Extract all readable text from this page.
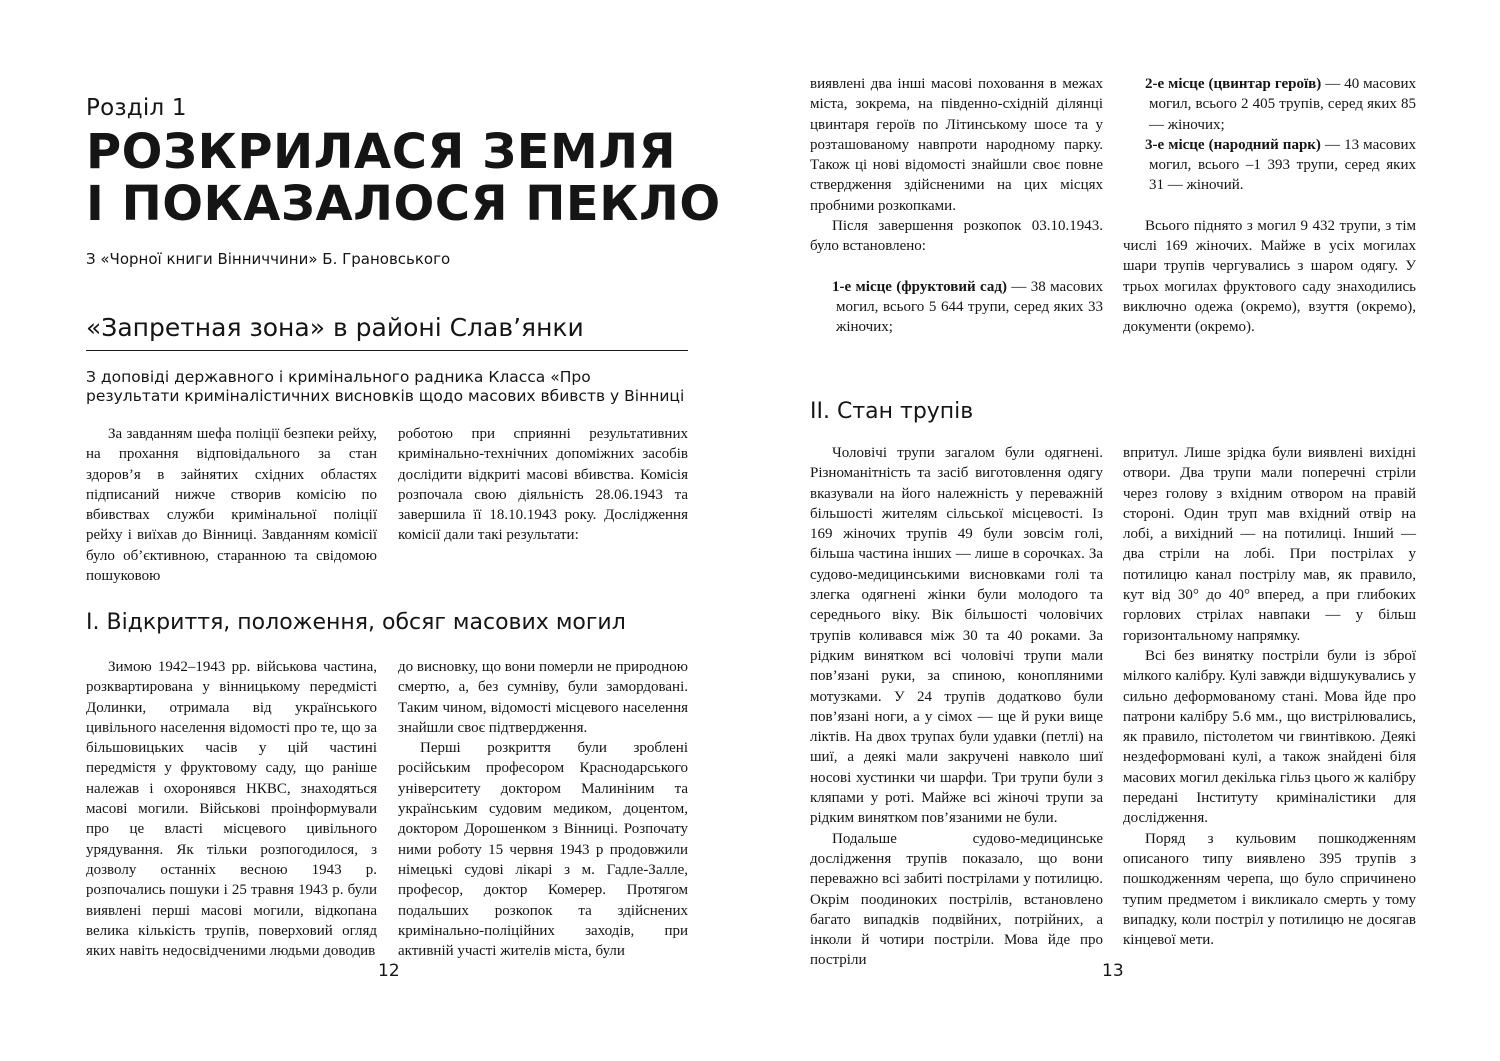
Розділ 1
РОЗКРИЛАСЯ ЗЕМЛЯ
І ПОКАЗАЛОСЯ ПЕКЛО
З «Чорної книги Вінниччини» Б. Грановського
«Запретная зона» в районі Слав’янки
З доповіді державного і кримінального радника Класса «Про результати криміналістичних висновків щодо масових вбивств у Вінниці

За завданням шефа поліції безпеки рейху, на прохання відповідального за стан здоров’я в зайнятих східних областях підписаний нижче створив комісію по вбивствах служби кримінальної поліції рейху і виїхав до Вінниці. Завданням комісії було об’єктивною, старанною та свідомою пошуковою

роботою при сприянні результативних кримінально-технічних допоміжних засобів дослідити відкриті масові вбивства. Комісія розпочала свою діяльність 28.06.1943 та завершила її 18.10.1943 року. Дослідження комісії дали такі результати:

I. Відкриття, положення, обсяг масових могил

Зимою 1942–1943 рр. військова частина, розквартирована у вінницькому передмісті Долинки, отримала від українського цивільного населення відомості про те, що за більшовицьких часів у цій частині передмістя у фруктовому саду, що раніше належав і охоронявся НКВС, знаходяться масові могили. Військові проінформували про це власті місцевого цивільного урядування. Як тільки розпогодилося, з дозволу останніх весною 1943 р. розпочались пошуки і 25 травня 1943 р. були виявлені перші масові могили, відкопана велика кількість трупів, поверховий огляд яких навіть недосвідченими людьми доводив

до висновку, що вони померли не природною смертю, а, без сумніву, були замордовані. Таким чином, відомості місцевого населення знайшли своє підтвердження.

Перші розкриття були зроблені російським професором Краснодарського університету доктором Малиніним та українським судовим медиком, доцентом, доктором Дорошенком з Вінниці. Розпочату ними роботу 15 червня 1943 р продовжили німецькі судові лікарі з м. Гадле-Залле, професор, доктор Комерер. Протягом подальших розкопок та здійснених кримінально-поліційних заходів, при активній участі жителів міста, були

12

виявлені два інші масові поховання в межах міста, зокрема, на південно-східній ділянці цвинтаря героїв по Літинському шосе та у розташованому навпроти народному парку. Також ці нові відомості знайшли своє повне ствердження здійсненими на цих місцях пробними розкопками.

Після завершення розкопок 03.10.1943. було встановлено:

1-е місце (фруктовий сад) — 38 масових могил, всього 5 644 трупи, серед яких 33 жіночих;

2-е місце (цвинтар героїв) — 40 масових могил, всього 2 405 трупів, серед яких 85 — жіночих;

3-е місце (народний парк) — 13 масових могил, всього –1 393 трупи, серед яких 31 — жіночий.

Всього піднято з могил 9 432 трупи, з тім числі 169 жіночих. Майже в усіх могилах шари трупів чергувались з шаром одягу. У трьох могилах фруктового саду знаходились виключно одежа (окремо), взуття (окремо), документи (окремо).

II. Стан трупів

Чоловічі трупи загалом були одягнені. Різноманітність та засіб виготовлення одягу вказували на його належність у переважній більшості жителям сільської місцевості. Із 169 жіночих трупів 49 були зовсім голі, більша частина інших — лише в сорочках. За судово-медицинськими висновками голі та злегка одягнені жінки були молодого та середнього віку. Вік більшості чоловічих трупів коливався між 30 та 40 роками. За рідким винятком всі чоловічі трупи мали пов’язані руки, за спиною, конопляними мотузками. У 24 трупів додатково були пов’язані ноги, а у сімох — ще й руки вище ліктів. На двох трупах були удавки (петлі) на шиї, а деякі мали закручені навколо шиї носові хустинки чи шарфи. Три трупи були з кляпами у роті. Майже всі жіночі трупи за рідким винятком пов’язаними не були.

Подальше судово-медицинське дослідження трупів показало, що вони переважно всі забиті пострілами у потилицю. Окрім поодиноких пострілів, встановлено багато випадків подвійних, потрійних, а інколи й чотири постріли. Мова йде про постріли

впритул. Лише зрідка були виявлені вихідні отвори. Два трупи мали поперечні стріли через голову з вхідним отвором на правій стороні. Один труп мав вхідний отвір на лобі, а вихідний — на потилиці. Інший — два стріли на лобі. При пострілах у потилицю канал пострілу мав, як правило, кут від 30° до 40° вперед, а при глибоких горлових стрілах навпаки — у більш горизонтальному напрямку.

Всі без винятку постріли були із зброї мілкого калібру. Кулі завжди відшукувались у сильно деформованому стані. Мова йде про патрони калібру 5.6 мм., що вистрілювались, як правило, пістолетом чи гвинтівкою. Деякі нездеформовані кулі, а також знайдені біля масових могил декілька гільз цього ж калібру передані Інституту криміналістики для дослідження.

Поряд з кульовим пошкодженням описаного типу виявлено 395 трупів з пошкодженням черепа, що було спричинено тупим предметом і викликало смерть у тому випадку, коли постріл у потилицю не досягав кінцевої мети.

13
